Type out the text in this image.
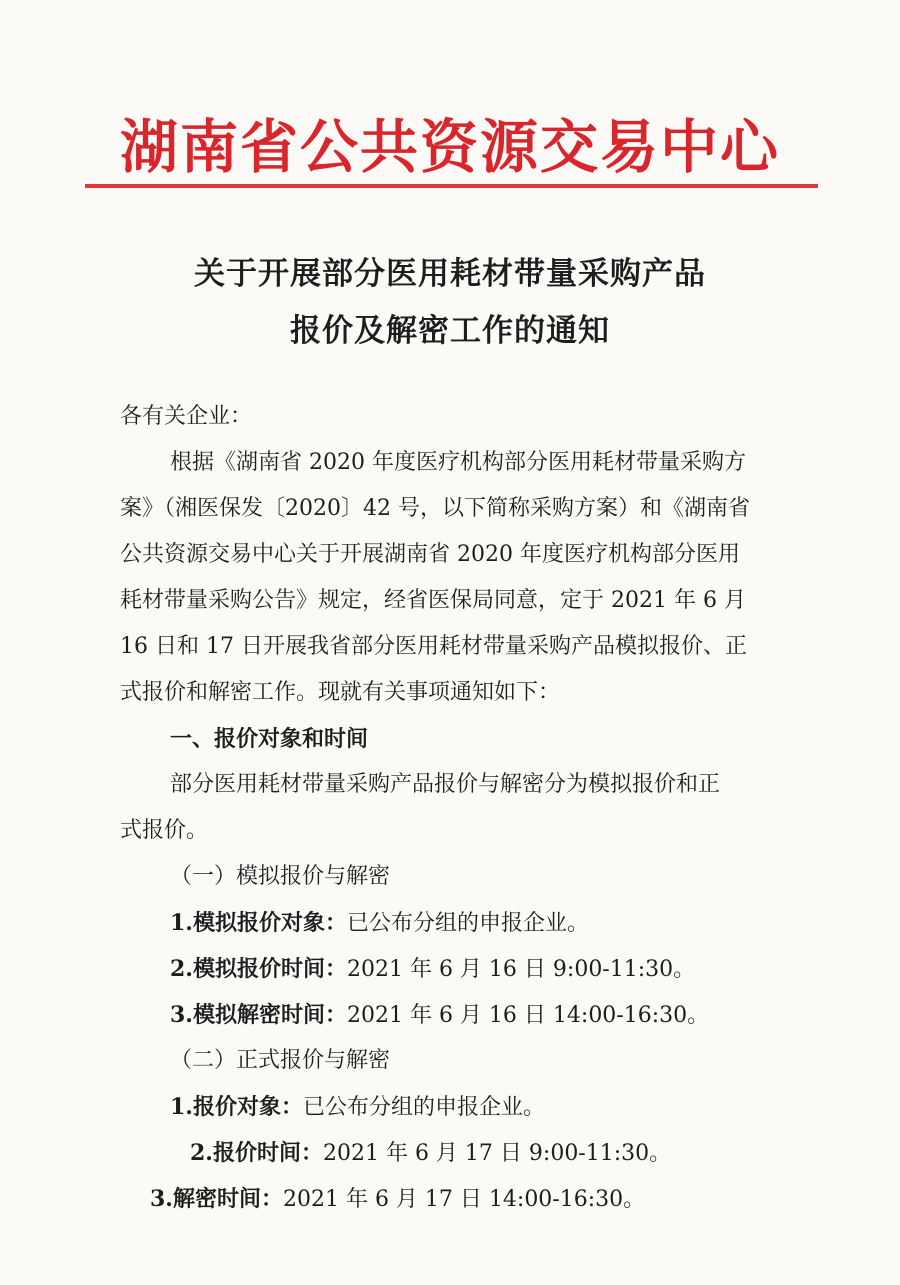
湖南省公共资源交易中心
关于开展部分医用耗材带量采购产品
报价及解密工作的通知
各有关企业：
根据《湖南省 2020 年度医疗机构部分医用耗材带量采购方
案》（湘医保发〔2020〕42 号，以下简称采购方案）和《湖南省
公共资源交易中心关于开展湖南省 2020 年度医疗机构部分医用
耗材带量采购公告》规定，经省医保局同意，定于 2021 年 6 月
16 日和 17 日开展我省部分医用耗材带量采购产品模拟报价、正
式报价和解密工作。现就有关事项通知如下：
一、报价对象和时间
部分医用耗材带量采购产品报价与解密分为模拟报价和正
式报价。
（一）模拟报价与解密
1.模拟报价对象：已公布分组的申报企业。
2.模拟报价时间：2021 年 6 月 16 日 9:00-11:30。
3.模拟解密时间：2021 年 6 月 16 日 14:00-16:30。
（二）正式报价与解密
1.报价对象：已公布分组的申报企业。
2.报价时间：2021 年 6 月 17 日 9:00-11:30。
3.解密时间：2021 年 6 月 17 日 14:00-16:30。
